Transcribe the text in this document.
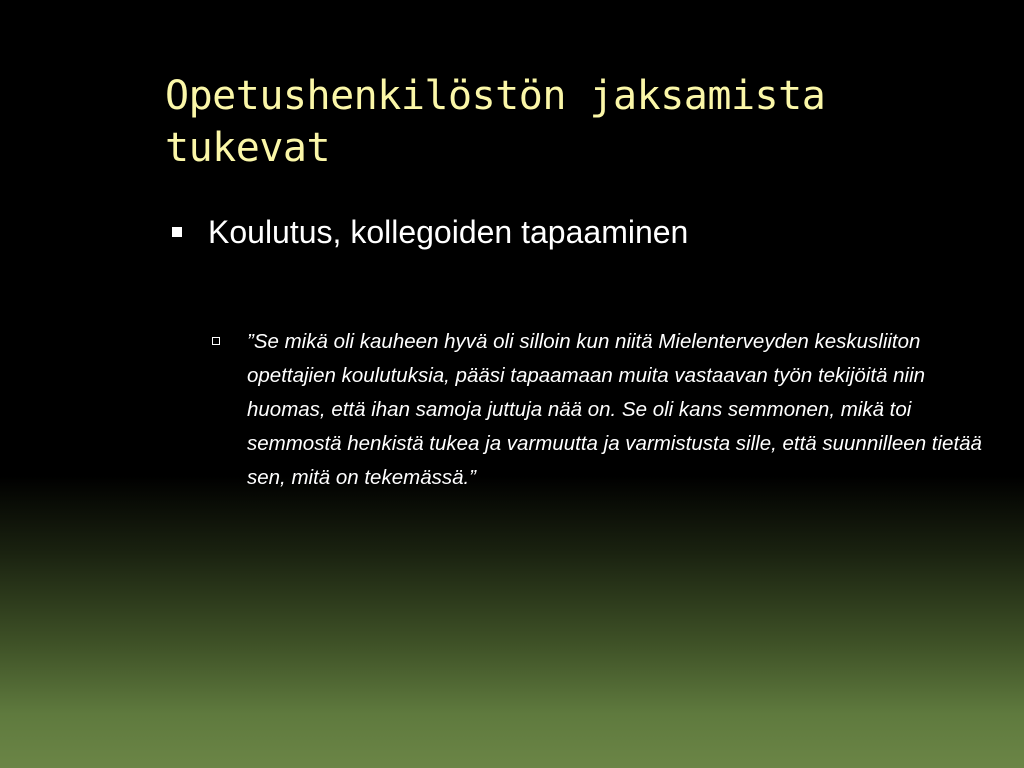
Opetushenkilöstön jaksamista tukevat
Koulutus, kollegoiden tapaaminen
”Se mikä oli kauheen hyvä oli silloin kun niitä Mielenterveyden keskusliiton opettajien koulutuksia, pääsi tapaamaan muita vastaavan työn tekijöitä niin huomas, että ihan samoja juttuja nää on. Se oli kans semmonen, mikä toi semmostä henkistä tukea ja varmuutta ja varmistusta sille, että suunnilleen tietää sen, mitä on tekemässä.”
